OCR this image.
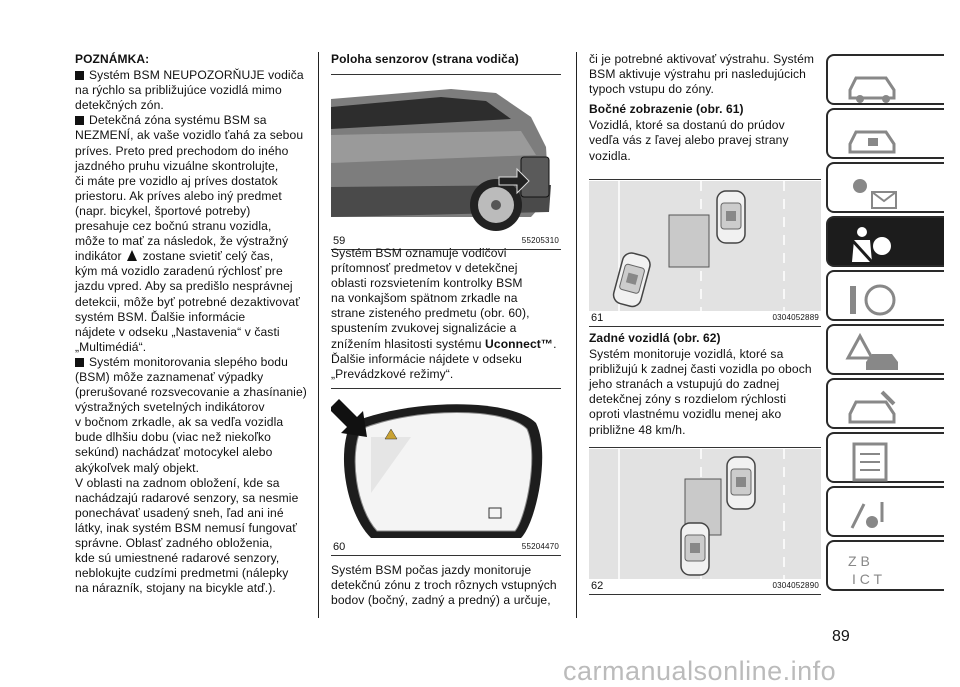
POZNÁMKA:

Systém BSM NEUPOZORŇUJE vodiča

na rýchlo sa približujúce vozidlá mimo

detekčných zón.

Detekčná zóna systému BSM sa

NEZMENÍ, ak vaše vozidlo ťahá za sebou

príves. Preto pred prechodom do iného

jazdného pruhu vizuálne skontrolujte,

či máte pre vozidlo aj príves dostatok

priestoru. Ak príves alebo iný predmet

(napr. bicykel, športové potreby)

presahuje cez bočnú stranu vozidla,

môže to mať za následok, že výstražný

indikátor zostane svietiť celý čas,

kým má vozidlo zaradenú rýchlosť pre

jazdu vpred. Aby sa predišlo nesprávnej

detekcii, môže byť potrebné dezaktivovať

systém BSM. Ďalšie informácie

nájdete v odseku „Nastavenia“ v časti

„Multimédiá“.

Systém monitorovania slepého bodu

(BSM) môže zaznamenať výpadky

(prerušované rozsvecovanie a zhasínanie)

výstražných svetelných indikátorov

v bočnom zrkadle, ak sa vedľa vozidla

bude dlhšiu dobu (viac než niekoľko

sekúnd) nachádzať motocykel alebo

akýkoľvek malý objekt.

V oblasti na zadnom obložení, kde sa

nachádzajú radarové senzory, sa nesmie

ponechávať usadený sneh, ľad ani iné

látky, inak systém BSM nemusí fungovať

správne. Oblasť zadného obloženia,

kde sú umiestnené radarové senzory,

neblokujte cudzími predmetmi (nálepky

na nárazník, stojany na bicykle atď.).

Poloha senzorov (strana vodiča)

59	55205310

Systém BSM oznamuje vodičovi

prítomnosť predmetov v detekčnej

oblasti rozsvietením kontrolky BSM

na vonkajšom spätnom zrkadle na

strane zisteného predmetu (obr. 60),

spustením zvukovej signalizácie a

znížením hlasitosti systému Uconnect™.

Ďalšie informácie nájdete v odseku

„Prevádzkové režimy“.

60	55204470

Systém BSM počas jazdy monitoruje

detekčnú zónu z troch rôznych vstupných

bodov (bočný, zadný a predný) a určuje,

či je potrebné aktivovať výstrahu. Systém

BSM aktivuje výstrahu pri nasledujúcich

typoch vstupu do zóny.

Bočné zobrazenie (obr. 61)

Vozidlá, ktoré sa dostanú do prúdov

vedľa vás z ľavej alebo pravej strany

vozidla.

61	0304052889

Zadné vozidlá (obr. 62)

Systém monitoruje vozidlá, ktoré sa

približujú k zadnej časti vozidla po oboch

jeho stranách a vstupujú do zadnej

detekčnej zóny s rozdielom rýchlosti

oproti vlastnému vozidlu menej ako

približne 48 km/h.

62	0304052890
Z B
I C T
89
carmanualsonline.info
